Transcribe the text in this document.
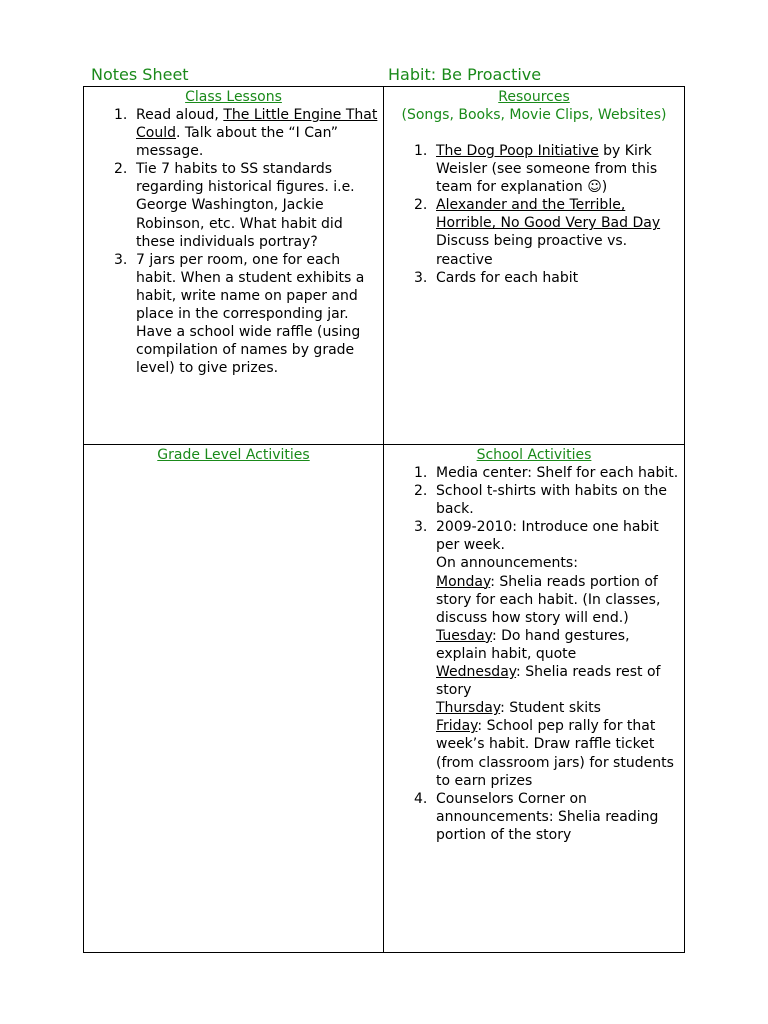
Notes Sheet	Habit: Be Proactive
Class Lessons
1. Read aloud, The Little Engine That Could. Talk about the “I Can” message.
2. Tie 7 habits to SS standards regarding historical figures. i.e. George Washington, Jackie Robinson, etc. What habit did these individuals portray?
3. 7 jars per room, one for each habit. When a student exhibits a habit, write name on paper and place in the corresponding jar. Have a school wide raffle (using compilation of names by grade level) to give prizes.
Resources
(Songs, Books, Movie Clips, Websites)
1. The Dog Poop Initiative by Kirk Weisler (see someone from this team for explanation ☺)
2. Alexander and the Terrible, Horrible, No Good Very Bad Day Discuss being proactive vs. reactive
3. Cards for each habit
Grade Level Activities	School Activities
1. Media center: Shelf for each habit.
2. School t-shirts with habits on the back.
3. 2009-2010: Introduce one habit per week.
On announcements:
Monday: Shelia reads portion of story for each habit. (In classes, discuss how story will end.)
Tuesday: Do hand gestures, explain habit, quote
Wednesday: Shelia reads rest of story
Thursday: Student skits
Friday: School pep rally for that week’s habit. Draw raffle ticket (from classroom jars) for students to earn prizes
4. Counselors Corner on announcements: Shelia reading portion of the story
